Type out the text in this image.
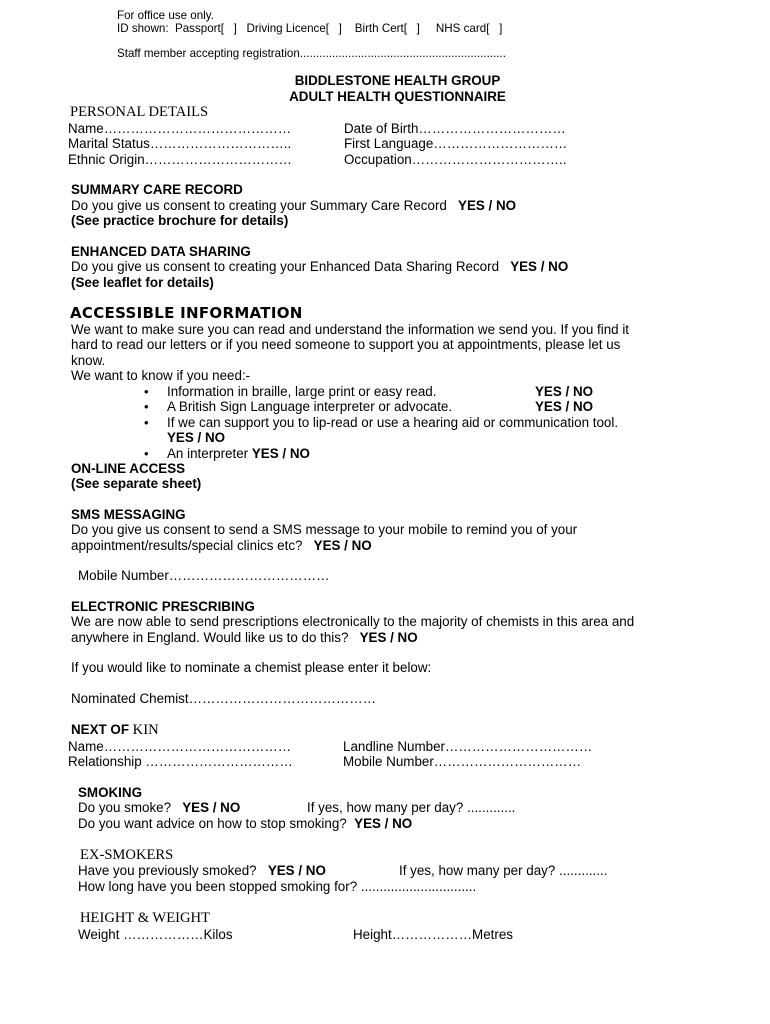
For office use only.
ID shown:  Passport[   ]   Driving Licence[   ]    Birth Cert[   ]     NHS card[   ]
Staff member accepting registration................................................................
BIDDLESTONE HEALTH GROUP
ADULT HEALTH QUESTIONNAIRE
PERSONAL DETAILS
Name……………………………………	Date of Birth……………………………
Marital Status…………………………..	First Language…………………………
Ethnic Origin……………………………	Occupation……………………………..
SUMMARY CARE RECORD
Do you give us consent to creating your Summary Care Record YES / NO
(See practice brochure for details)
ENHANCED DATA SHARING
Do you give us consent to creating your Enhanced Data Sharing Record YES / NO
(See leaflet for details)
ACCESSIBLE INFORMATION
We want to make sure you can read and understand the information we send you. If you find it
hard to read our letters or if you need someone to support you at appointments, please let us
know.
We want to know if you need:-
• Information in braille, large print or easy read.	YES / NO
• A British Sign Language interpreter or advocate.	YES / NO
• If we can support you to lip-read or use a hearing aid or communication tool.
YES / NO
• An interpreter YES / NO
ON-LINE ACCESS
(See separate sheet)
SMS MESSAGING
Do you give us consent to send a SMS message to your mobile to remind you of your
appointment/results/special clinics etc? YES / NO
Mobile Number………………………………
ELECTRONIC PRESCRIBING
We are now able to send prescriptions electronically to the majority of chemists in this area and
anywhere in England. Would like us to do this? YES / NO
If you would like to nominate a chemist please enter it below:
Nominated Chemist……………………………………
NEXT OF KIN
Name……………………………………	Landline Number……………………………
Relationship ……………………………	Mobile Number……………………………
SMOKING
Do you smoke? YES / NO	If yes, how many per day? .............
Do you want advice on how to stop smoking? YES / NO
EX-SMOKERS
Have you previously smoked? YES / NO	If yes, how many per day? .............
How long have you been stopped smoking for? ...............................
HEIGHT & WEIGHT
Weight ………………Kilos	Height………………Metres
